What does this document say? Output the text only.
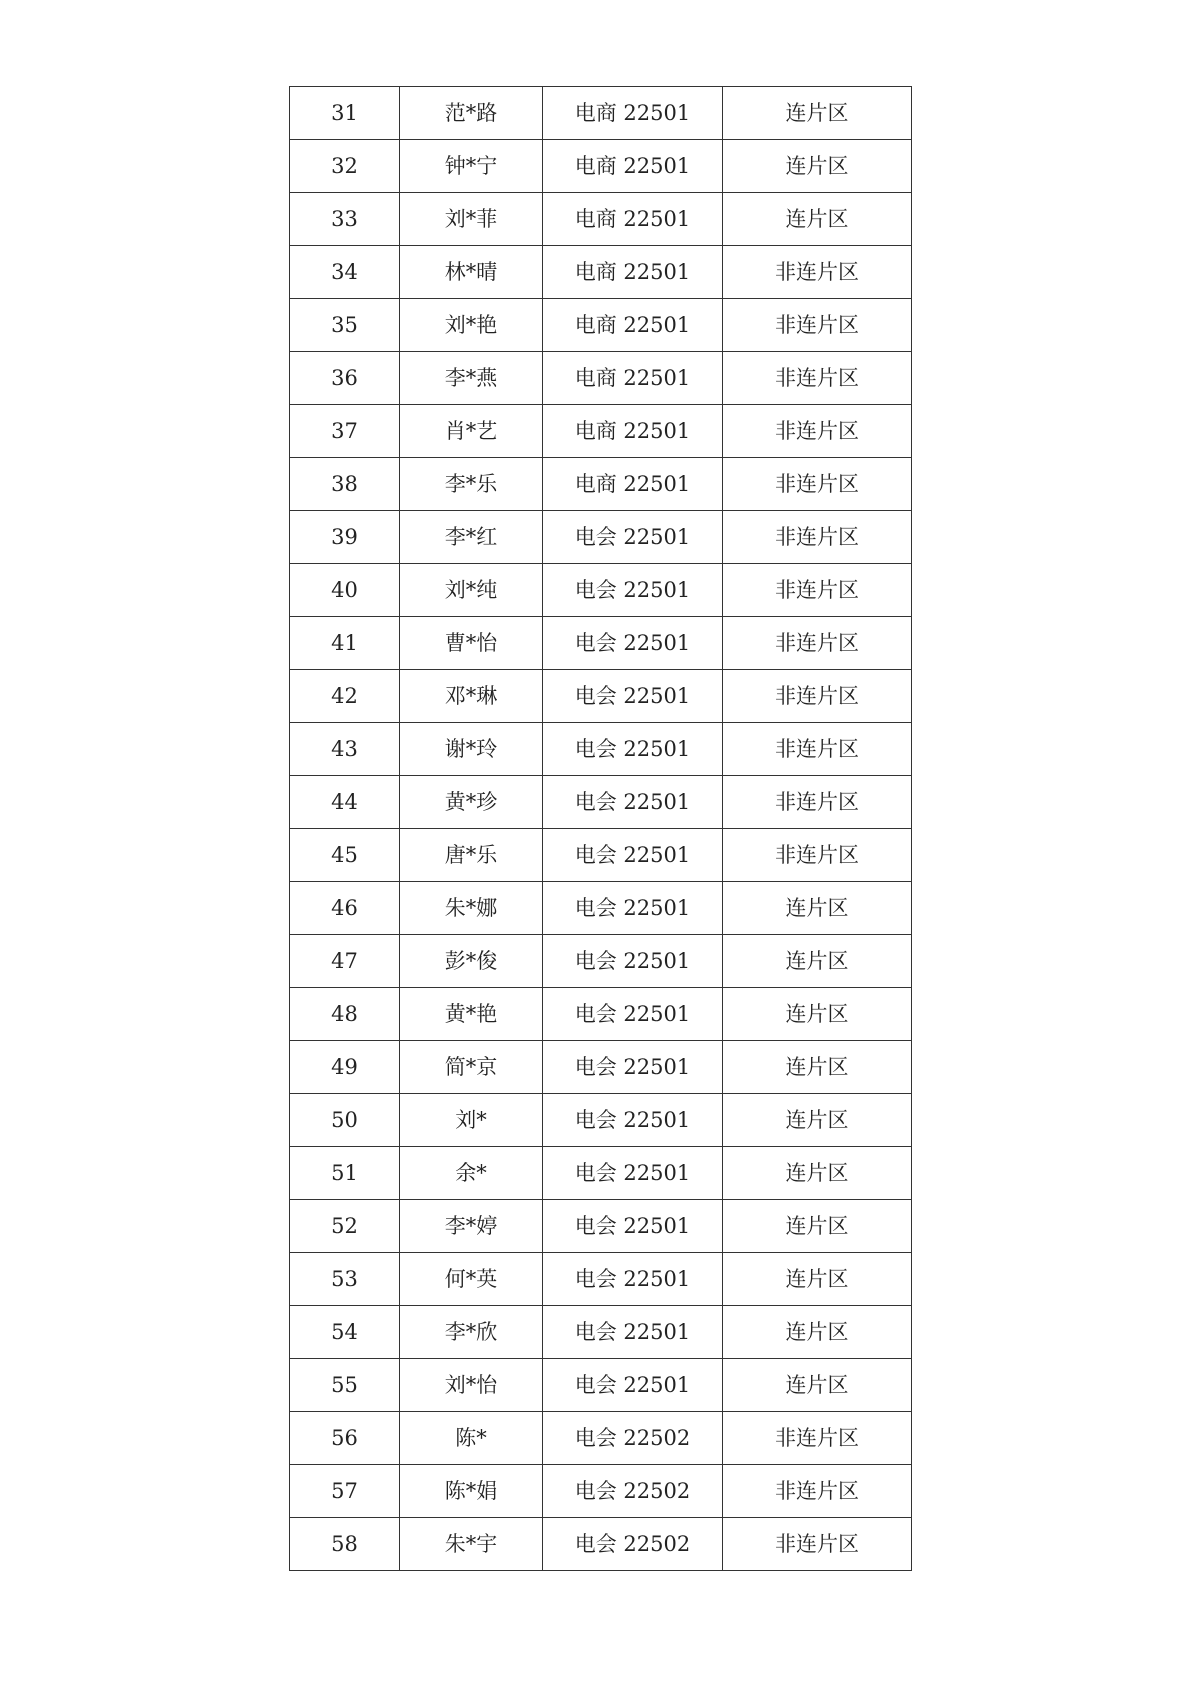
31	范*路	电商 22501	连片区
32	钟*宁	电商 22501	连片区
33	刘*菲	电商 22501	连片区
34	林*晴	电商 22501	非连片区
35	刘*艳	电商 22501	非连片区
36	李*燕	电商 22501	非连片区
37	肖*艺	电商 22501	非连片区
38	李*乐	电商 22501	非连片区
39	李*红	电会 22501	非连片区
40	刘*纯	电会 22501	非连片区
41	曹*怡	电会 22501	非连片区
42	邓*琳	电会 22501	非连片区
43	谢*玲	电会 22501	非连片区
44	黄*珍	电会 22501	非连片区
45	唐*乐	电会 22501	非连片区
46	朱*娜	电会 22501	连片区
47	彭*俊	电会 22501	连片区
48	黄*艳	电会 22501	连片区
49	简*京	电会 22501	连片区
50	刘*	电会 22501	连片区
51	余*	电会 22501	连片区
52	李*婷	电会 22501	连片区
53	何*英	电会 22501	连片区
54	李*欣	电会 22501	连片区
55	刘*怡	电会 22501	连片区
56	陈*	电会 22502	非连片区
57	陈*娟	电会 22502	非连片区
58	朱*宇	电会 22502	非连片区
